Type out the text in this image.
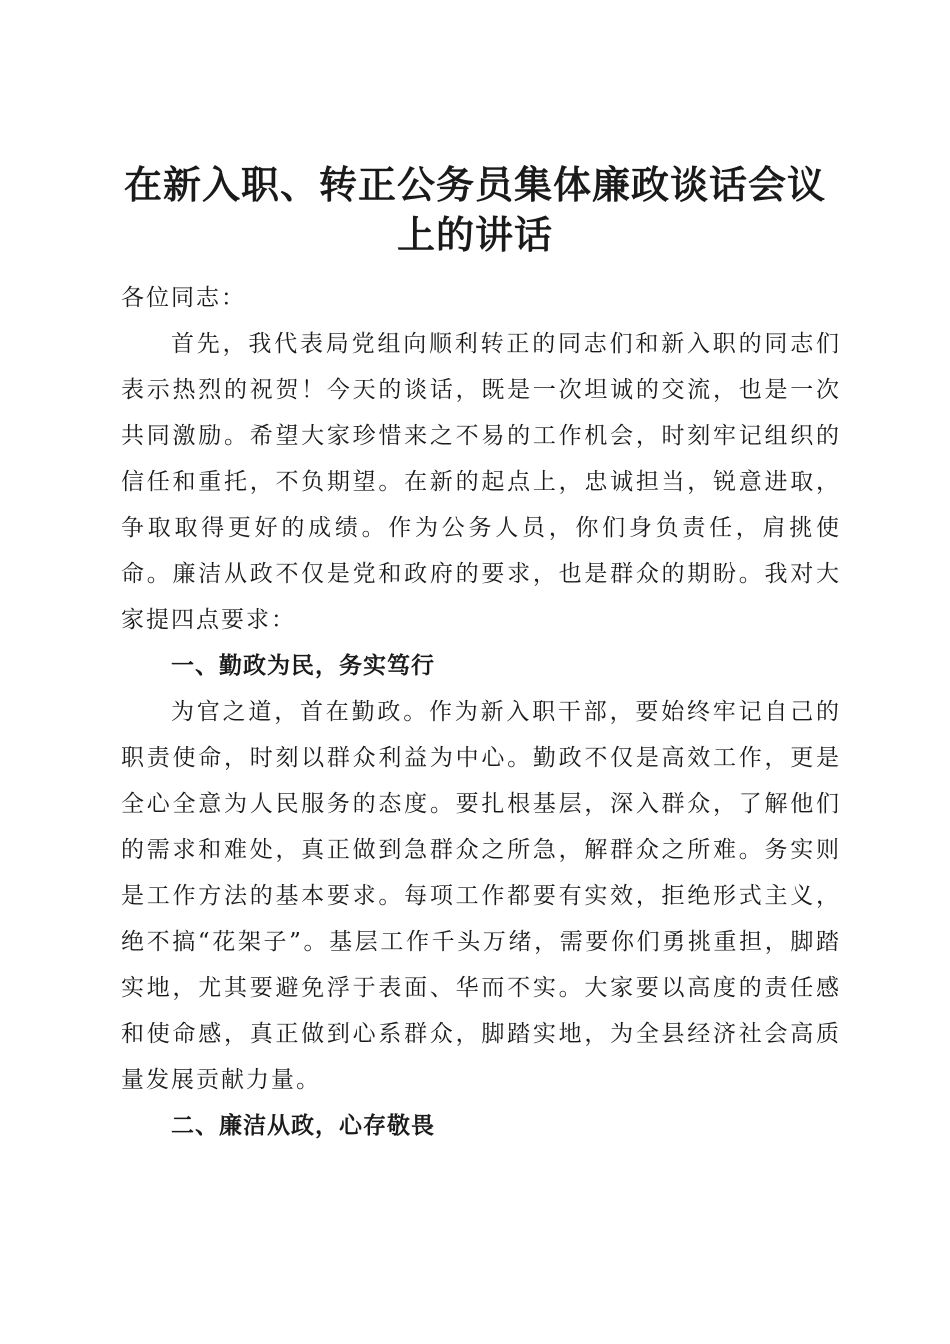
在新入职、转正公务员集体廉政谈话会议上的讲话

各位同志：

首先，我代表局党组向顺利转正的同志们和新入职的同志们表示热烈的祝贺！今天的谈话，既是一次坦诚的交流，也是一次共同激励。希望大家珍惜来之不易的工作机会，时刻牢记组织的信任和重托，不负期望。在新的起点上，忠诚担当，锐意进取，争取取得更好的成绩。作为公务人员，你们身负责任，肩挑使命。廉洁从政不仅是党和政府的要求，也是群众的期盼。我对大家提四点要求：

一、勤政为民，务实笃行

为官之道，首在勤政。作为新入职干部，要始终牢记自己的职责使命，时刻以群众利益为中心。勤政不仅是高效工作，更是全心全意为人民服务的态度。要扎根基层，深入群众，了解他们的需求和难处，真正做到急群众之所急，解群众之所难。务实则是工作方法的基本要求。每项工作都要有实效，拒绝形式主义，绝不搞“花架子”。基层工作千头万绪，需要你们勇挑重担，脚踏实地，尤其要避免浮于表面、华而不实。大家要以高度的责任感和使命感，真正做到心系群众，脚踏实地，为全县经济社会高质量发展贡献力量。

二、廉洁从政，心存敬畏
